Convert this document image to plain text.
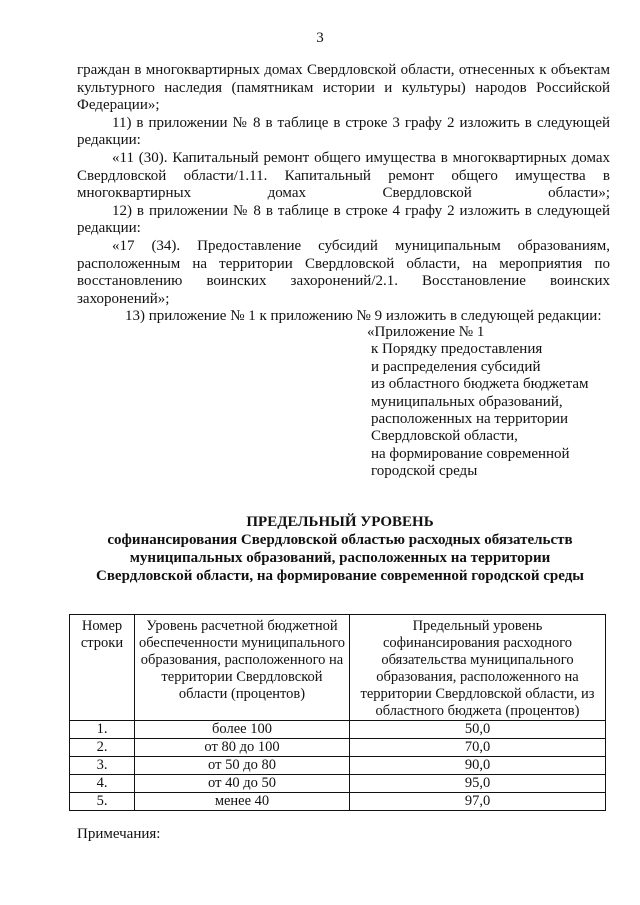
3

граждан в многоквартирных домах Свердловской области, отнесенных к объектам культурного наследия (памятникам истории и культуры) народов Российской Федерации»;

11) в приложении № 8 в таблице в строке 3 графу 2 изложить в следующей редакции:

«11 (30). Капитальный ремонт общего имущества в многоквартирных домах Свердловской области/1.11. Капитальный ремонт общего имущества в многоквартирных домах Свердловской области»;

12) в приложении № 8 в таблице в строке 4 графу 2 изложить в следующей редакции:

«17 (34). Предоставление субсидий муниципальным образованиям, расположенным на территории Свердловской области, на мероприятия по восстановлению воинских захоронений/2.1. Восстановление воинских захоронений»;

13) приложение № 1 к приложению № 9 изложить в следующей редакции:

«Приложение № 1
к Порядку предоставления
и распределения субсидий
из областного бюджета бюджетам
муниципальных образований,
расположенных на территории
Свердловской области,
на формирование современной
городской среды
ПРЕДЕЛЬНЫЙ УРОВЕНЬ
софинансирования Свердловской областью расходных обязательств муниципальных образований, расположенных на территории Свердловской области, на формирование современной городской среды
Номер строки	Уровень расчетной бюджетной обеспеченности муниципального образования, расположенного на территории Свердловской области (процентов)	Предельный уровень софинансирования расходного обязательства муниципального образования, расположенного на территории Свердловской области, из областного бюджета (процентов)
1.	более 100	50,0
2.	от 80 до 100	70,0
3.	от 50 до 80	90,0
4.	от 40 до 50	95,0
5.	менее 40	97,0
Примечания:
